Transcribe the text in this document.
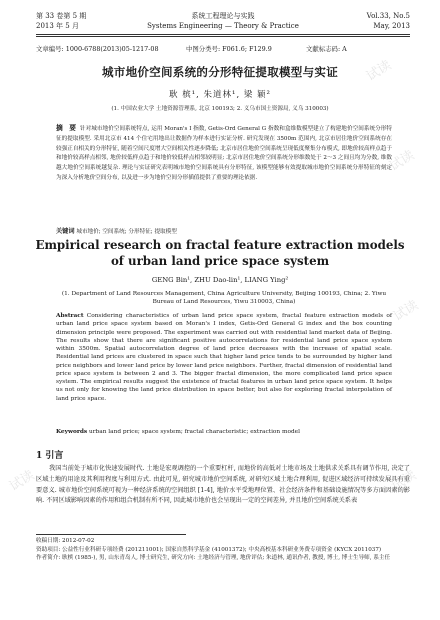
试读
试读
试读
试读
试读
第 33 卷第 5 期	系统工程理论与实践	Vol.33, No.5
2013 年 5 月	Systems Engineering — Theory & Practice	May, 2013
文章编号: 1000-6788(2013)05-1217-08	中图分类号: F061.6; F129.9	文献标志码: A
城市地价空间系统的分形特征提取模型与实证
耿 槟¹, 朱道林¹, 梁 颖²
(1. 中国农业大学 土地资源管理系, 北京 100193; 2. 义乌市国土资源局, 义乌 310003)
摘 要 针对城市地价空间系统特点, 运用 Moran's I 指数, Getis-Ord General G 指数和盒维数模型建立了构建地价空间系统分形特征的提取模型. 采用北京市 414 个住宅用地出让数据作为样本进行实证分析. 研究发现在 3500m 范围内, 北京市居住地价空间系统存在较强正自相关的分形特征, 随着空间尺度增大空间相关性逐步降低; 北京市居住地价空间系统呈现低度聚集分布模式, 即地价较高样点趋于和地价较高样点相邻, 地价较低样点趋于和地价较低样点相邻较明显; 北京市居住地价空间系统分形维数处于 2～3 之间且均为分数, 维数越大地价空间系统越复杂. 理论与实证研究表明城市地价空间系统具有分形特征, 该模型能够有效提取城市地价空间系统分形特征的刻定为深入分析地价空间分布, 以及进一步为地价空间分形插值提供了重要的理论依据.
关键词 城市地价; 空间系统; 分形特征; 提取模型
Empirical research on fractal feature extraction models of urban land price space system
GENG Bin¹, ZHU Dao-lin¹, LIANG Ying²
(1. Department of Land Resources Management, China Agriculture University, Beijing 100193, China; 2. Yiwu Bureau of Land Resources, Yiwu 310003, China)
Abstract Considering characteristics of urban land price space system, fractal feature extraction models of urban land price space system based on Moran's I index, Getis-Ord General G index and the box counting dimension principle were proposed. The experiment was carried out with residential land market data of Beijing. The results show that there are significant positive autocorrelations for residential land price space system within 3500m. Spatial autocorrelation degree of land price decreases with the increase of spatial scale. Residential land prices are clustered in space such that higher land price tends to be surrounded by higher land price neighbors and lower land price by lower land price neighbors. Further, fractal dimension of residential land price space system is between 2 and 3. The bigger fractal dimension, the more complicated land price space system. The empirical results suggest the existence of fractal features in urban land price space system. It helps us not only for knowing the land price distribution in space better, but also for exploring fractal interpolation of land price space.
Keywords urban land price; space system; fractal characteristic; extraction model
1 引言
我国当前处于城市化快速发展时代. 土地是宏观调控的一个重要杠杆, 而地价的高低对土地市场及土地供求关系具有调节作用, 决定了区域土地的用途及其利用程度与利用方式. 由此可见, 研究城市地价空间系统, 对研究区域土地合理利用, 促进区域经济可持续发展具有重要意义. 城市地价空间系统可视为一种经济系统的空间组织 [1-4], 地价水平受地理位置、社会经济条件和基础设施情况等多方面因素的影响. 不同区域影响因素的作用和组合机制有所不同, 因此城市地价也会呈现出一定的空间差异, 并且地价空间系统关系表

收稿日期: 2012-07-02

资助项目: 公益性行业科研专项经费 (201211001); 国家自然科学基金 (41001372); 中央高校基本科研业务费专项资金 (KYCX 2011037)

作者简介: 耿槟 (1985-), 男, 山东青岛人, 博士研究生, 研究方向: 土地经济与管理, 地价评估; 朱道林, 通讯作者, 教授, 博士, 博士生导师, 系主任
